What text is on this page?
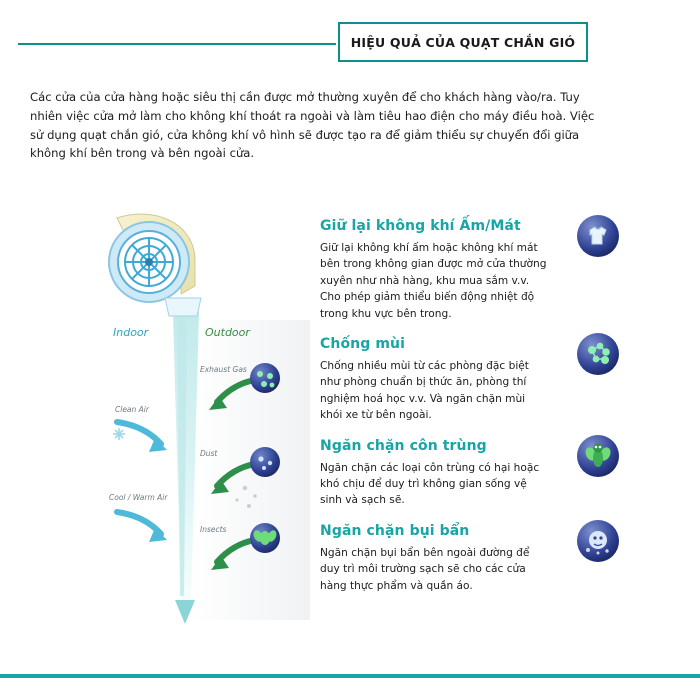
HIỆU QUẢ CỦA QUẠT CHẮN GIÓ
Các cửa của cửa hàng hoặc siêu thị cần được mở thường xuyên để cho khách hàng vào/ra. Tuy nhiên việc cửa mở làm cho không khí thoát ra ngoài và làm tiêu hao điện cho máy điều hoà. Việc sử dụng quạt chắn gió, cửa không khí vô hình sẽ được tạo ra để giảm thiểu sự chuyển đổi giữa không khí bên trong và bên ngoài cửa.
Indoor	Outdoor
Exhaust Gas
Clean Air
Dust
Cool / Warm Air
Insects
Giữ lại không khí Ấm/Mát

Giữ lại không khí ấm hoặc không khí mát bên trong không gian được mở cửa thường xuyên như nhà hàng, khu mua sắm v.v. Cho phép giảm thiểu biến động nhiệt độ trong khu vực bên trong.

Chống mùi

Chống nhiều mùi từ các phòng đặc biệt như phòng chuẩn bị thức ăn, phòng thí nghiệm hoá học v.v. Và ngăn chặn mùi khói xe từ bên ngoài.

Ngăn chặn côn trùng

Ngăn chặn các loại côn trùng có hại hoặc khó chịu để duy trì không gian sống vệ sinh và sạch sẽ.

Ngăn chặn bụi bẩn

Ngăn chặn bụi bẩn bên ngoài đường để duy trì môi trường sạch sẽ cho các cửa hàng thực phẩm và quần áo.
